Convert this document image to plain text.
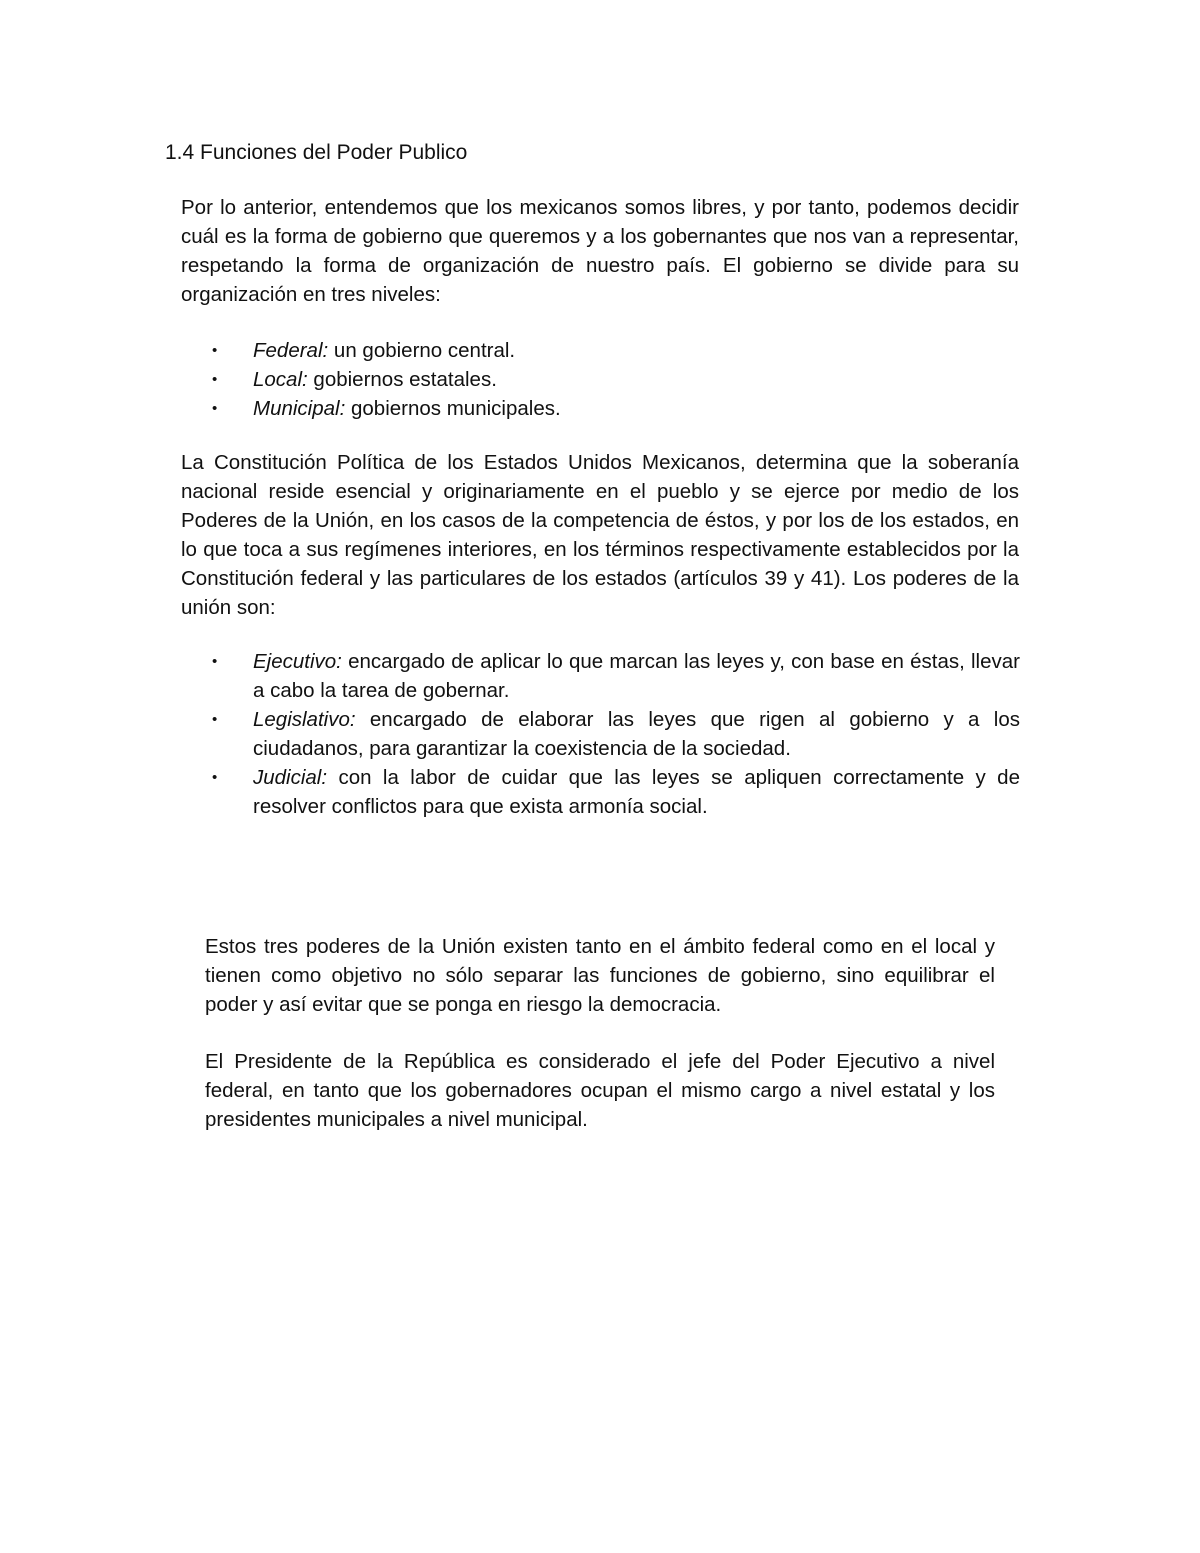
1.4 Funciones del Poder Publico

Por lo anterior, entendemos que los mexicanos somos libres, y por tanto, podemos decidir cuál es la forma de gobierno que queremos y a los gobernantes que nos van a representar, respetando la forma de organización de nuestro país. El gobierno se divide para su organización en tres niveles:

•	Federal: un gobierno central.
•	Local: gobiernos estatales.
•	Municipal: gobiernos municipales.

La Constitución Política de los Estados Unidos Mexicanos, determina que la soberanía nacional reside esencial y originariamente en el pueblo y se ejerce por medio de los Poderes de la Unión, en los casos de la competencia de éstos, y por los de los estados, en lo que toca a sus regímenes interiores, en los términos respectivamente establecidos por la Constitución federal y las particulares de los estados (artículos 39 y 41). Los poderes de la unión son:

•	Ejecutivo: encargado de aplicar lo que marcan las leyes y, con base en éstas, llevar a cabo la tarea de gobernar.
•	Legislativo: encargado de elaborar las leyes que rigen al gobierno y a los ciudadanos, para garantizar la coexistencia de la sociedad.
•	Judicial: con la labor de cuidar que las leyes se apliquen correctamente y de resolver conflictos para que exista armonía social.

Estos tres poderes de la Unión existen tanto en el ámbito federal como en el local y tienen como objetivo no sólo separar las funciones de gobierno, sino equilibrar el poder y así evitar que se ponga en riesgo la democracia.

El Presidente de la República es considerado el jefe del Poder Ejecutivo a nivel federal, en tanto que los gobernadores ocupan el mismo cargo a nivel estatal y los presidentes municipales a nivel municipal.
